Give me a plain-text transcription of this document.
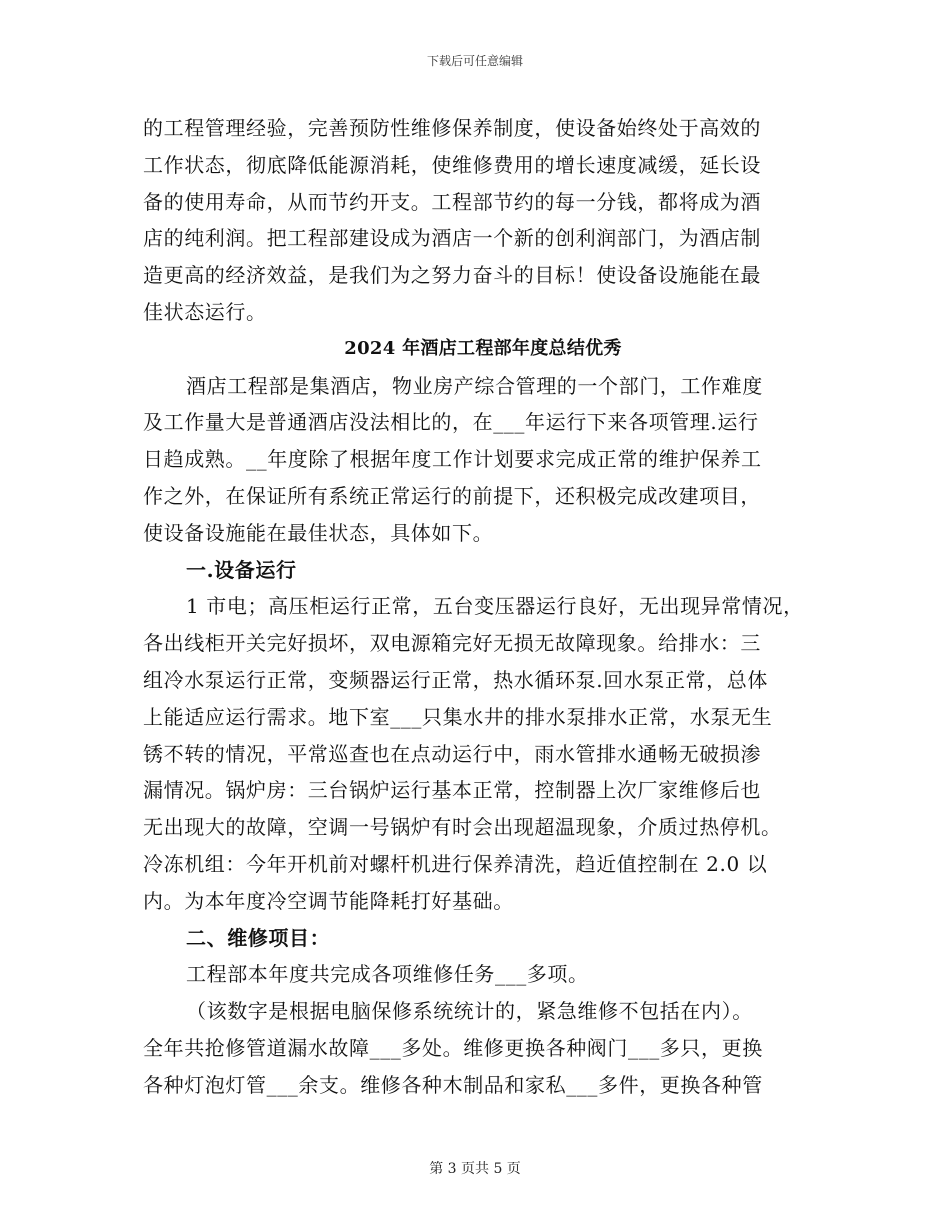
下载后可任意编辑
的工程管理经验，完善预防性维修保养制度，使设备始终处于高效的
工作状态，彻底降低能源消耗，使维修费用的增长速度减缓，延长设
备的使用寿命，从而节约开支。工程部节约的每一分钱，都将成为酒
店的纯利润。把工程部建设成为酒店一个新的创利润部门，为酒店制
造更高的经济效益，是我们为之努力奋斗的目标！使设备设施能在最
佳状态运行。
2024 年酒店工程部年度总结优秀
酒店工程部是集酒店，物业房产综合管理的一个部门，工作难度
及工作量大是普通酒店没法相比的，在___年运行下来各项管理.运行
日趋成熟。__年度除了根据年度工作计划要求完成正常的维护保养工
作之外，在保证所有系统正常运行的前提下，还积极完成改建项目，
使设备设施能在最佳状态，具体如下。
一.设备运行
1 市电；高压柜运行正常，五台变压器运行良好，无出现异常情况，
各出线柜开关完好损坏，双电源箱完好无损无故障现象。给排水：三
组冷水泵运行正常，变频器运行正常，热水循环泵.回水泵正常，总体
上能适应运行需求。地下室___只集水井的排水泵排水正常，水泵无生
锈不转的情况，平常巡查也在点动运行中，雨水管排水通畅无破损渗
漏情况。锅炉房：三台锅炉运行基本正常，控制器上次厂家维修后也
无出现大的故障，空调一号锅炉有时会出现超温现象，介质过热停机。
冷冻机组：今年开机前对螺杆机进行保养清洗，趋近值控制在 2.0 以
内。为本年度冷空调节能降耗打好基础。
二、维修项目：
工程部本年度共完成各项维修任务___多项。
（该数字是根据电脑保修系统统计的，紧急维修不包括在内）。
全年共抢修管道漏水故障___多处。维修更换各种阀门___多只，更换
各种灯泡灯管___余支。维修各种木制品和家私___多件，更换各种管
第 3 页共 5 页
